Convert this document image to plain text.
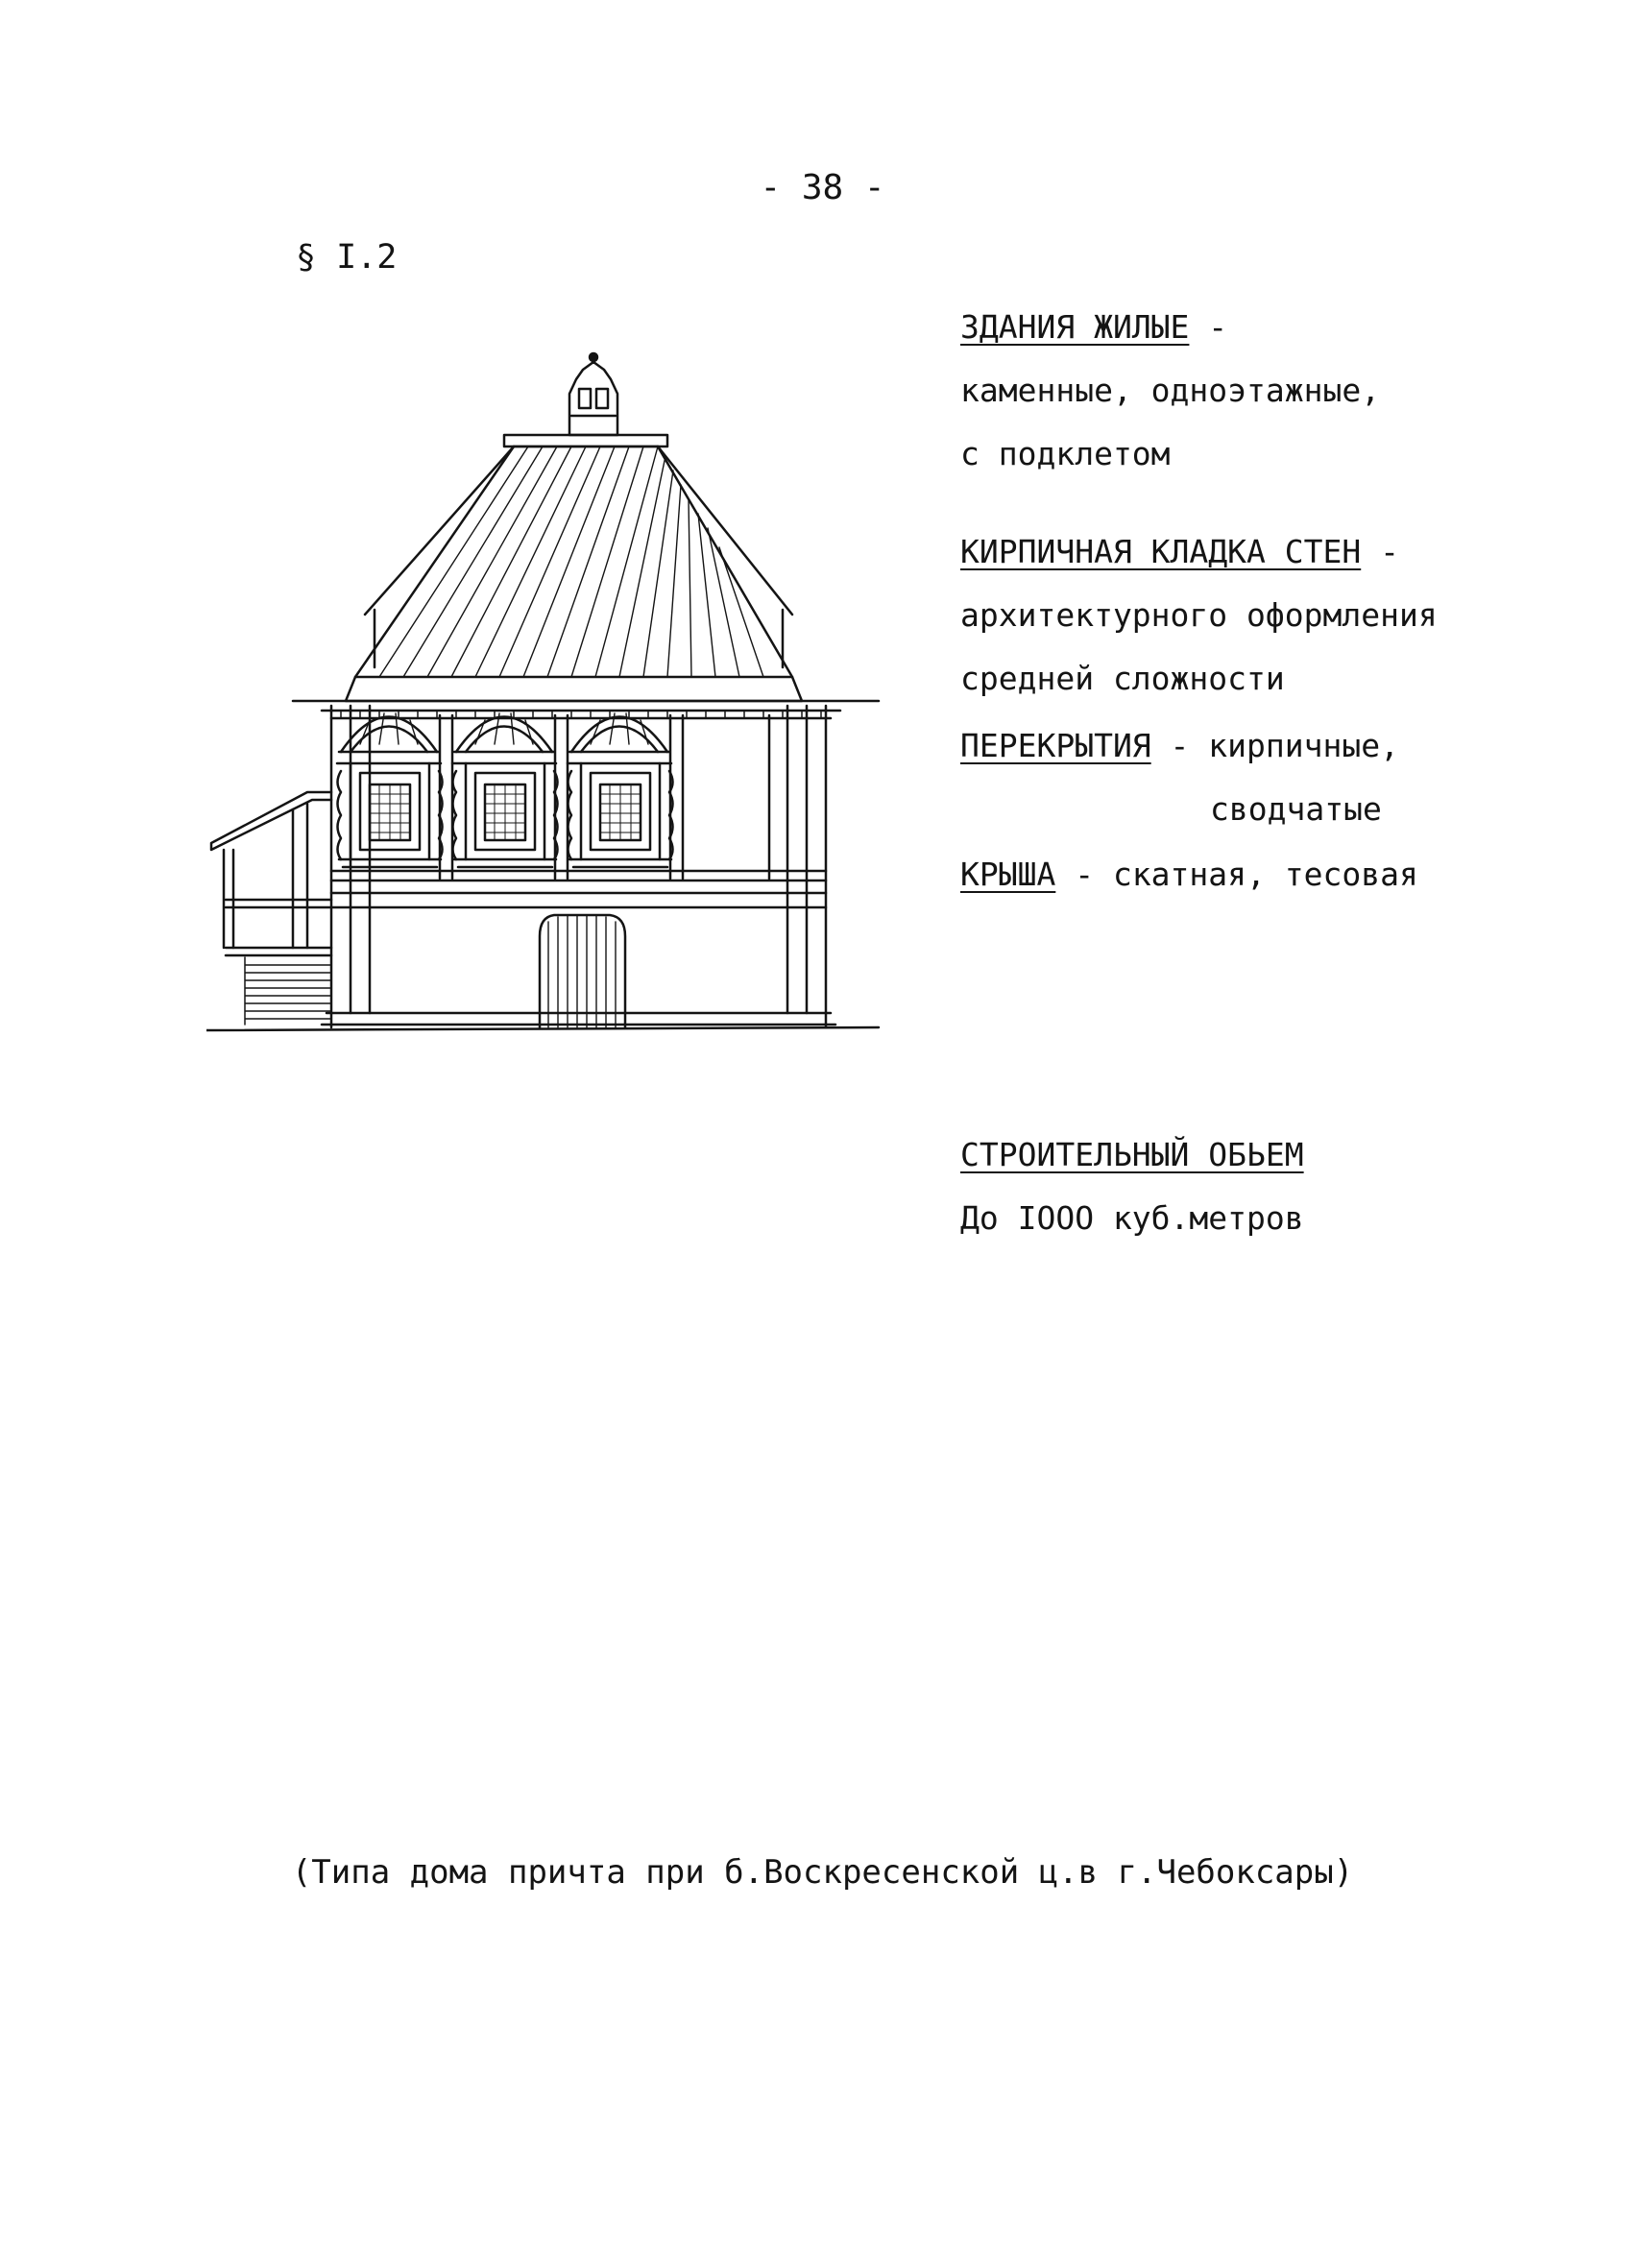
- 38 -
§ I.2
ЗДАНИЯ ЖИЛЫЕ -
каменные, одноэтажные,
с подклетом
КИРПИЧНАЯ КЛАДКА СТЕН -
архитектурного оформления
средней сложности
ПЕРЕКРЫТИЯ - кирпичные,
сводчатые
КРЫША - скатная, тесовая
СТРОИТЕЛЬНЫЙ ОБЬЕМ
До IOOO куб.метров
(Типа дома причта при б.Воскресенской ц.в г.Чебоксары)
